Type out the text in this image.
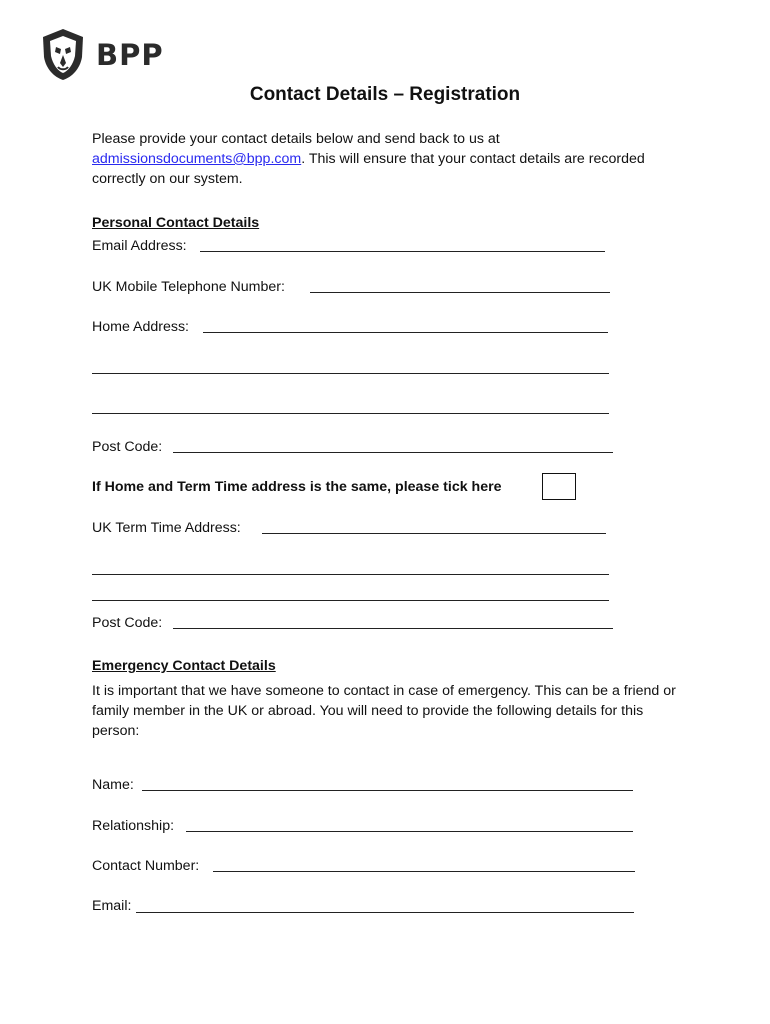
BPP
Contact Details – Registration
Please provide your contact details below and send back to us at admissionsdocuments@bpp.com. This will ensure that your contact details are recorded correctly on our system.
Personal Contact Details
Email Address:
UK Mobile Telephone Number:
Home Address:
Post Code:
If Home and Term Time address is the same, please tick here
UK Term Time Address:
Post Code:
Emergency Contact Details
It is important that we have someone to contact in case of emergency. This can be a friend or family member in the UK or abroad. You will need to provide the following details for this person:
Name:
Relationship:
Contact Number:
Email:
